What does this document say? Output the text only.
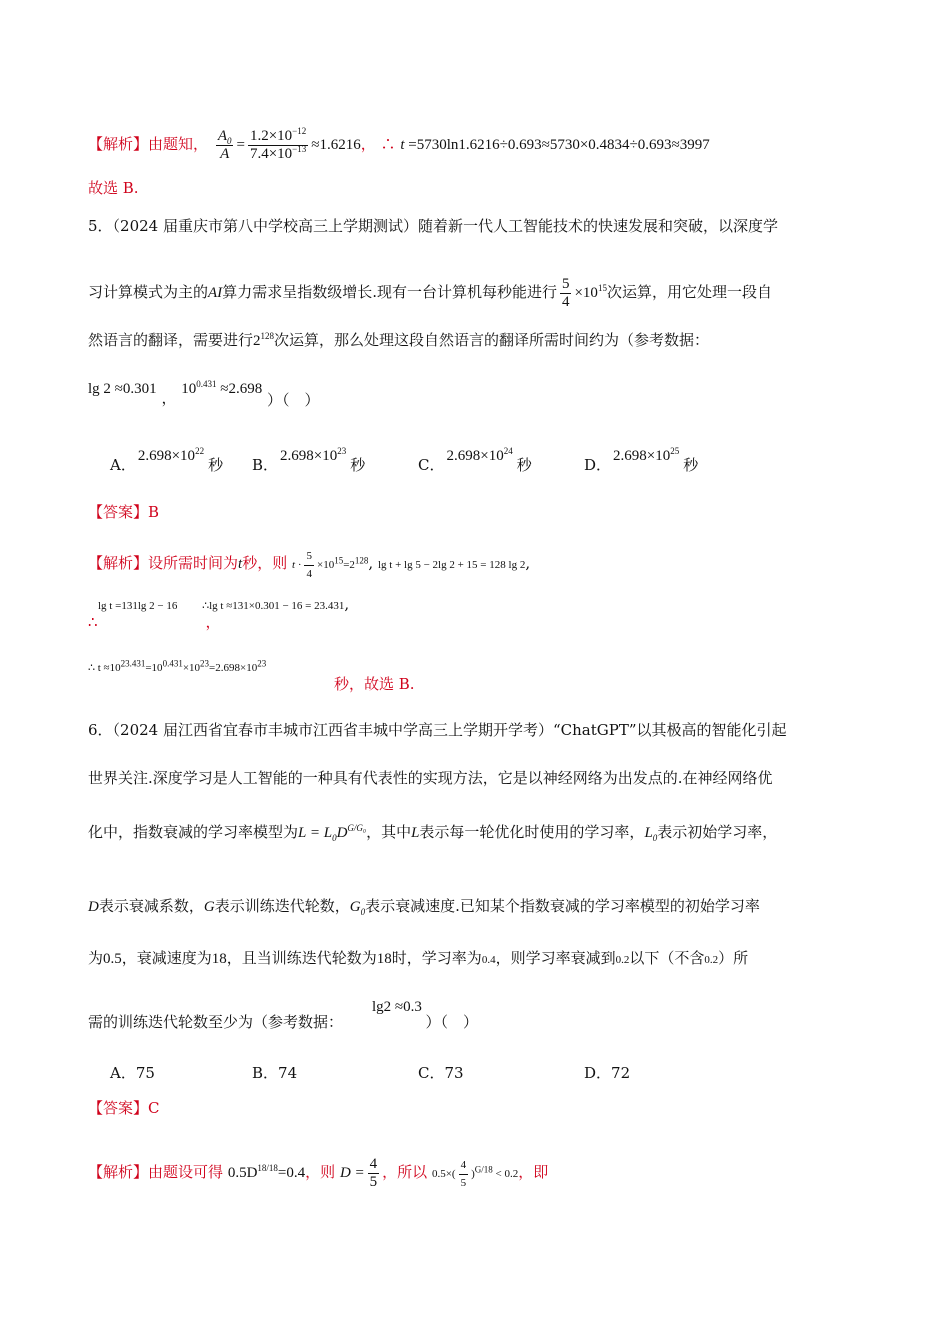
【解析】由题知， $\frac{A_0}{A} = \frac{1.2\times 10^{-12}}{7.4\times 10^{-13}} \approx 1.6216$， ∴ t =5730ln1.6216÷0.693≈5730×0.4834÷0.693≈3997
故选 B.
5．（2024 届重庆市第八中学校高三上学期测试）随着新一代人工智能技术的快速发展和突破，以深度学
习计算模式为主的AI算力需求呈指数级增长.现有一台计算机每秒能进行 $\frac{5}{4} \times 10^{15}$次运算，用它处理一段自
然语言的翻译，需要进行$2^{128}$次运算，那么处理这段自然语言的翻译所需时间约为（参考数据：
lg 2 ≈0.301 ， $10^{0.431} \approx 2.698$ ）（　）
A． $2.698\times 10^{22}$秒 B． $2.698\times 10^{23}$秒	C． $2.698\times 10^{24}$秒	D． $2.698\times 10^{25}$秒
【答案】B
【解析】设所需时间为t秒，则 $t \cdot \frac{5}{4} \times 10^{15}=2^{128}$, lg t + lg 5 − 2lg 2 + 15 = 128 lg 2,
lg t =131lg 2 − 16 ∴lg t ≈131×0.301 − 16 = 23.431,
∴	，
∴ $t \approx 10^{23.431}=10^{0.431}\times 10^{23}=2.698\times 10^{23}$
秒，故选 B.
6．（2024 届江西省宜春市丰城市江西省丰城中学高三上学期开学考）“ChatGPT”以其极高的智能化引起
世界关注.深度学习是人工智能的一种具有代表性的实现方法，它是以神经网络为出发点的.在神经网络优
化中，指数衰减的学习率模型为$L = L_0D^{G/G_0}$，其中L表示每一轮优化时使用的学习率，$L_0$表示初始学习率，
D表示衰减系数，G表示训练迭代轮数，$G_0$表示衰减速度.已知某个指数衰减的学习率模型的初始学习率
为0.5，衰减速度为18，且当训练迭代轮数为18时，学习率为0.4，则学习率衰减到0.2以下（不含0.2）所
lg2 ≈0.3
需的训练迭代轮数至少为（参考数据：	）（　）
A．75	B．74	C．73	D．72
【答案】C
【解析】由题设可得 $0.5D^{18/18}=0.4$，则 $D = \frac{4}{5}$ ，所以 $0.5\times( \frac{4}{5} )^{G/18} < 0.2$，即
